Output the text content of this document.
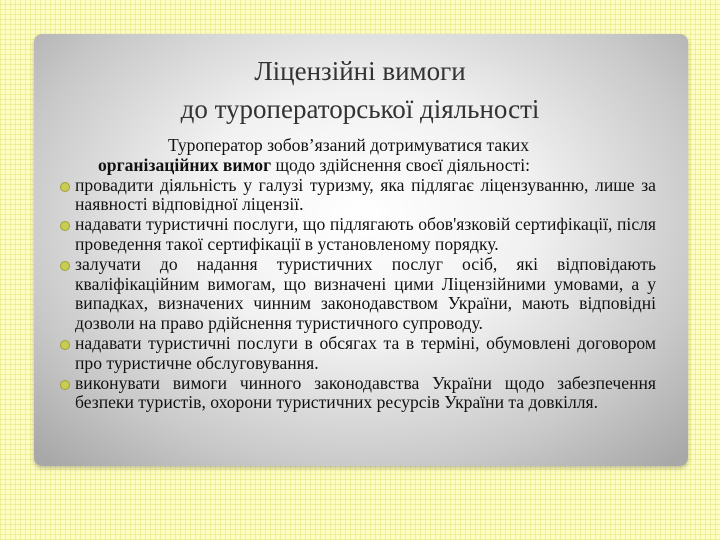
Ліцензійні вимоги
до туроператорської діяльності
Туроператор зобов’язаний дотримуватися таких
організаційних вимог щодо здійснення своєї діяльності:
провадити діяльність у галузі туризму, яка підлягає ліцензуванню, лише за наявності відповідної ліцензії.
надавати туристичні послуги, що підлягають обов'язковій сертифікації, після проведення такої сертифікації в установленому порядку.
залучати до надання туристичних послуг осіб, які відповідають кваліфікаційним вимогам, що визначені цими Ліцензійними умовами, а у випадках, визначених чинним законодавством України, мають відповідні дозволи на право рдійснення туристичного супроводу.
надавати туристичні послуги в обсягах та в терміні, обумовлені договором про туристичне обслуговування.
виконувати вимоги чинного законодавства України щодо забезпечення безпеки туристів, охорони туристичних ресурсів України та довкілля.
